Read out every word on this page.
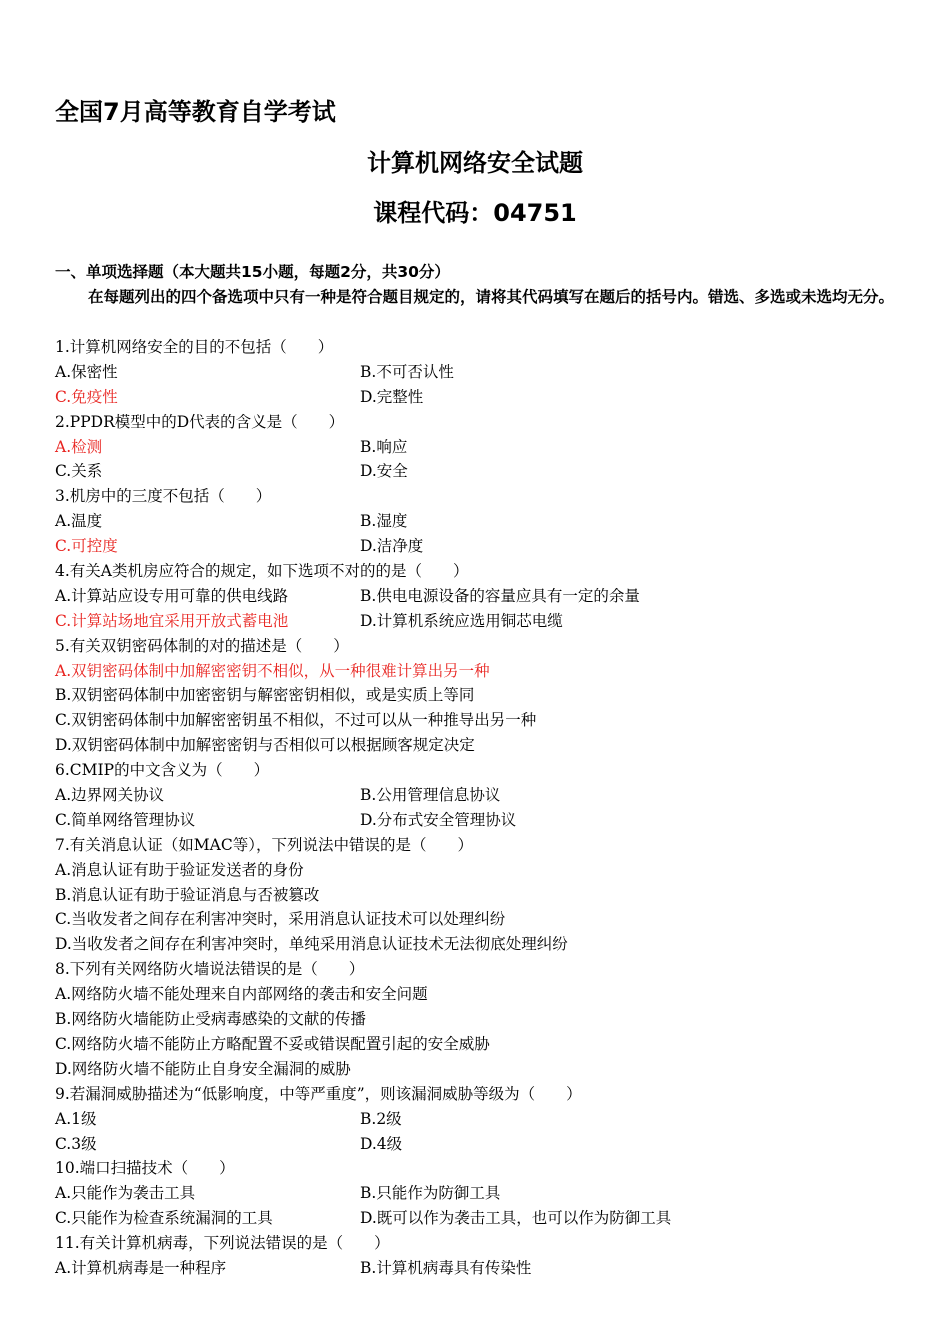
全国7月高等教育自学考试
计算机网络安全试题
课程代码：04751
一、单项选择题（本大题共15小题，每题2分，共30分）
在每题列出的四个备选项中只有一种是符合题目规定的，请将其代码填写在题后的括号内。错选、多选或未选均无分。
1.计算机网络安全的目的不包括（　　）
A.保密性	B.不可否认性
C.免疫性	D.完整性
2.PPDR模型中的D代表的含义是（　　）
A.检测	B.响应
C.关系	D.安全
3.机房中的三度不包括（　　）
A.温度	B.湿度
C.可控度	D.洁净度
4.有关A类机房应符合的规定，如下选项不对的的是（　　）
A.计算站应设专用可靠的供电线路	B.供电电源设备的容量应具有一定的余量
C.计算站场地宜采用开放式蓄电池	D.计算机系统应选用铜芯电缆
5.有关双钥密码体制的对的描述是（　　）
A.双钥密码体制中加解密密钥不相似，从一种很难计算出另一种
B.双钥密码体制中加密密钥与解密密钥相似，或是实质上等同
C.双钥密码体制中加解密密钥虽不相似，不过可以从一种推导出另一种
D.双钥密码体制中加解密密钥与否相似可以根据顾客规定决定
6.CMIP的中文含义为（　　）
A.边界网关协议	B.公用管理信息协议
C.简单网络管理协议	D.分布式安全管理协议
7.有关消息认证（如MAC等），下列说法中错误的是（　　）
A.消息认证有助于验证发送者的身份
B.消息认证有助于验证消息与否被篡改
C.当收发者之间存在利害冲突时，采用消息认证技术可以处理纠纷
D.当收发者之间存在利害冲突时，单纯采用消息认证技术无法彻底处理纠纷
8.下列有关网络防火墙说法错误的是（　　）
A.网络防火墙不能处理来自内部网络的袭击和安全问题
B.网络防火墙能防止受病毒感染的文献的传播
C.网络防火墙不能防止方略配置不妥或错误配置引起的安全威胁
D.网络防火墙不能防止自身安全漏洞的威胁
9.若漏洞威胁描述为“低影响度，中等严重度”，则该漏洞威胁等级为（　　）
A.1级	B.2级
C.3级	D.4级
10.端口扫描技术（　　）
A.只能作为袭击工具	B.只能作为防御工具
C.只能作为检查系统漏洞的工具	D.既可以作为袭击工具，也可以作为防御工具
11.有关计算机病毒，下列说法错误的是（　　）
A.计算机病毒是一种程序	B.计算机病毒具有传染性
